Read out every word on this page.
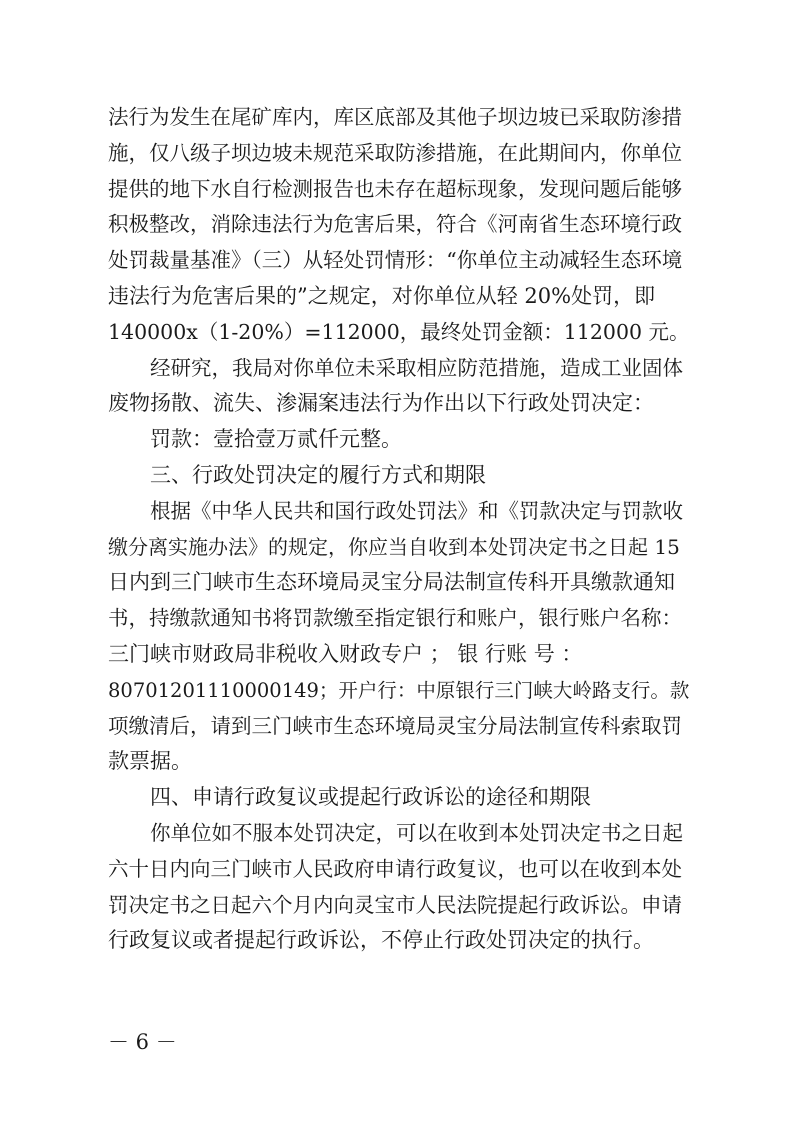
法行为发生在尾矿库内，库区底部及其他子坝边坡已采取防渗措
施，仅八级子坝边坡未规范采取防渗措施，在此期间内，你单位
提供的地下水自行检测报告也未存在超标现象，发现问题后能够
积极整改，消除违法行为危害后果，符合《河南省生态环境行政
处罚裁量基准》（三）从轻处罚情形：“你单位主动减轻生态环境
违法行为危害后果的”之规定，对你单位从轻 20%处罚，即
140000x（1-20%）=112000，最终处罚金额：112000 元。
经研究，我局对你单位未采取相应防范措施，造成工业固体
废物扬散、流失、渗漏案违法行为作出以下行政处罚决定：
罚款：壹拾壹万贰仟元整。
三、行政处罚决定的履行方式和期限
根据《中华人民共和国行政处罚法》和《罚款决定与罚款收
缴分离实施办法》的规定，你应当自收到本处罚决定书之日起 15
日内到三门峡市生态环境局灵宝分局法制宣传科开具缴款通知
书，持缴款通知书将罚款缴至指定银行和账户，银行账户名称：
三门峡市财政局非税收入财政专户 ； 银 行账 号 ：
80701201110000149；开户行：中原银行三门峡大岭路支行。款
项缴清后，请到三门峡市生态环境局灵宝分局法制宣传科索取罚
款票据。
四、申请行政复议或提起行政诉讼的途径和期限
你单位如不服本处罚决定，可以在收到本处罚决定书之日起
六十日内向三门峡市人民政府申请行政复议，也可以在收到本处
罚决定书之日起六个月内向灵宝市人民法院提起行政诉讼。申请
行政复议或者提起行政诉讼，不停止行政处罚决定的执行。
－ 6 －
